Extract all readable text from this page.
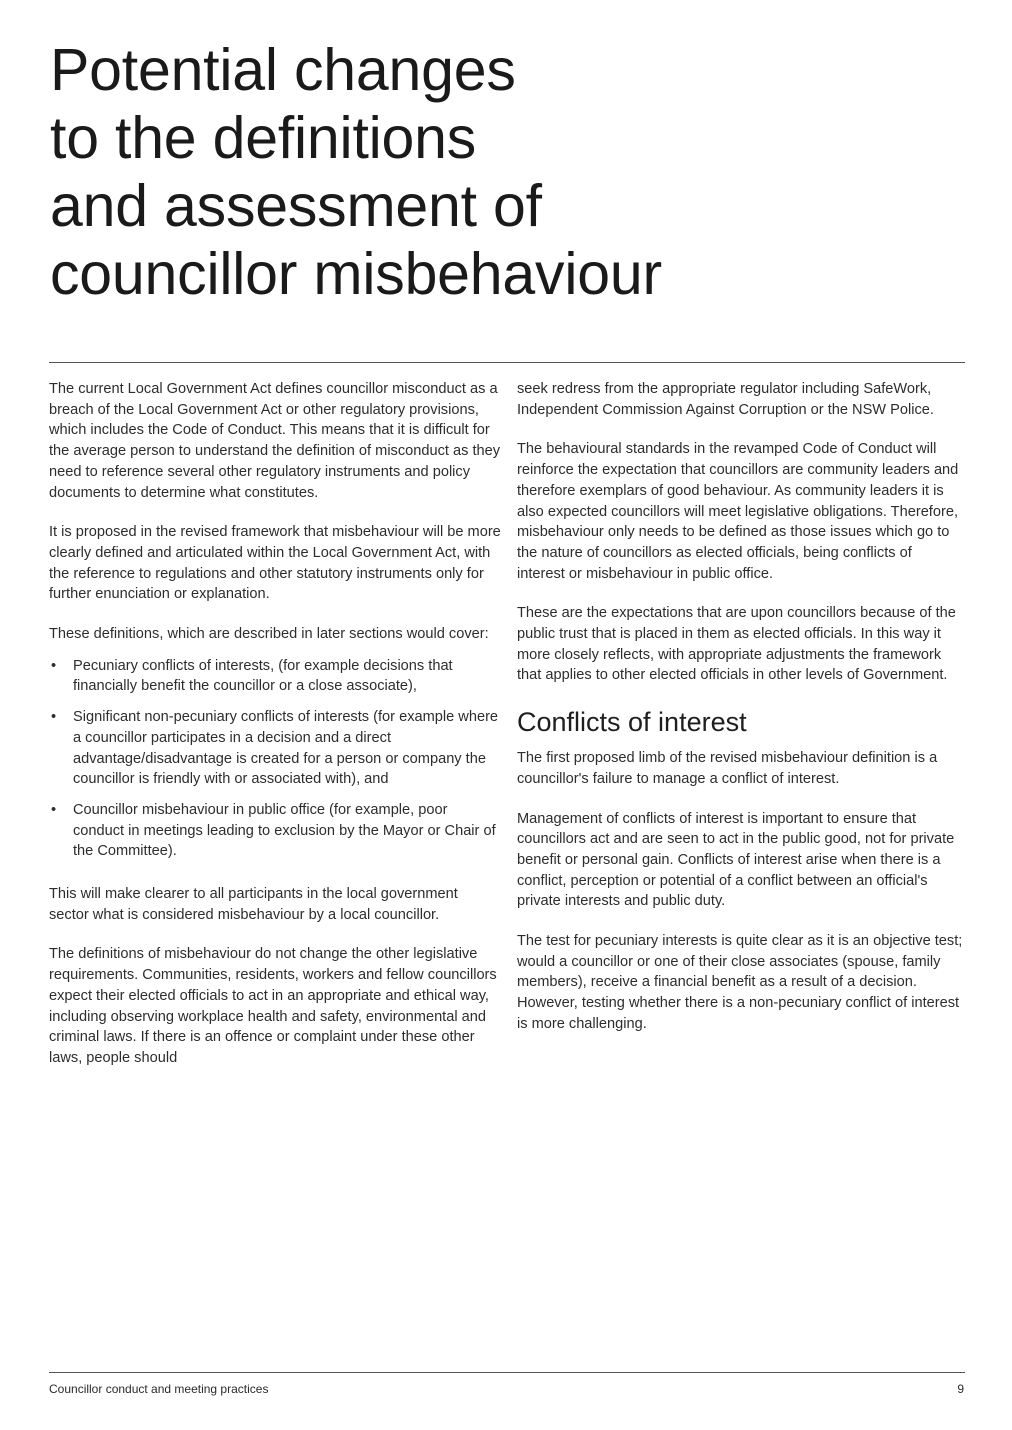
Potential changes
to the definitions
and assessment of
councillor misbehaviour

The current Local Government Act defines councillor misconduct as a breach of the Local Government Act or other regulatory provisions, which includes the Code of Conduct. This means that it is difficult for the average person to understand the definition of misconduct as they need to reference several other regulatory instruments and policy documents to determine what constitutes.

It is proposed in the revised framework that misbehaviour will be more clearly defined and articulated within the Local Government Act, with the reference to regulations and other statutory instruments only for further enunciation or explanation.

These definitions, which are described in later sections would cover:

• Pecuniary conflicts of interests, (for example decisions that financially benefit the councillor or a close associate),
• Significant non-pecuniary conflicts of interests (for example where a councillor participates in a decision and a direct advantage/disadvantage is created for a person or company the councillor is friendly with or associated with), and
• Councillor misbehaviour in public office (for example, poor conduct in meetings leading to exclusion by the Mayor or Chair of the Committee).

This will make clearer to all participants in the local government sector what is considered misbehaviour by a local councillor.

The definitions of misbehaviour do not change the other legislative requirements. Communities, residents, workers and fellow councillors expect their elected officials to act in an appropriate and ethical way, including observing workplace health and safety, environmental and criminal laws. If there is an offence or complaint under these other laws, people should

seek redress from the appropriate regulator including SafeWork, Independent Commission Against Corruption or the NSW Police.

The behavioural standards in the revamped Code of Conduct will reinforce the expectation that councillors are community leaders and therefore exemplars of good behaviour. As community leaders it is also expected councillors will meet legislative obligations. Therefore, misbehaviour only needs to be defined as those issues which go to the nature of councillors as elected officials, being conflicts of interest or misbehaviour in public office.

These are the expectations that are upon councillors because of the public trust that is placed in them as elected officials. In this way it more closely reflects, with appropriate adjustments the framework that applies to other elected officials in other levels of Government.

Conflicts of interest

The first proposed limb of the revised misbehaviour definition is a councillor's failure to manage a conflict of interest.

Management of conflicts of interest is important to ensure that councillors act and are seen to act in the public good, not for private benefit or personal gain. Conflicts of interest arise when there is a conflict, perception or potential of a conflict between an official's private interests and public duty.

The test for pecuniary interests is quite clear as it is an objective test; would a councillor or one of their close associates (spouse, family members), receive a financial benefit as a result of a decision. However, testing whether there is a non-pecuniary conflict of interest is more challenging.

Councillor conduct and meeting practices	9
